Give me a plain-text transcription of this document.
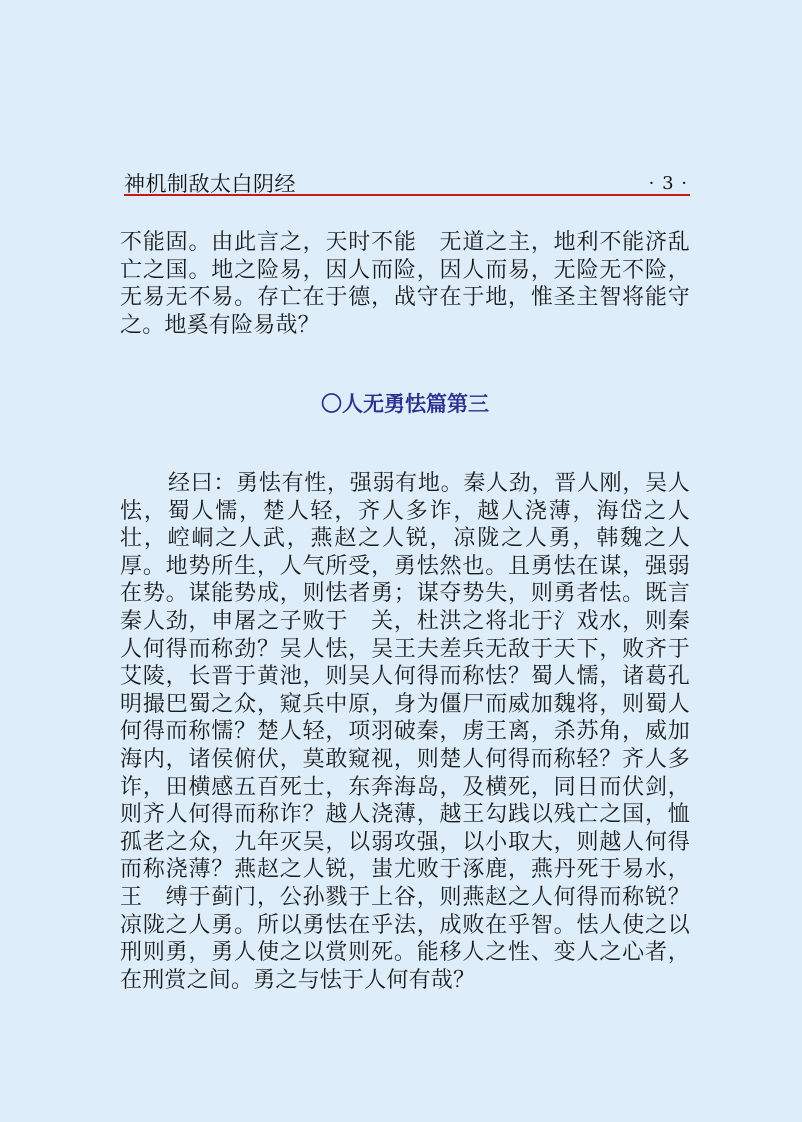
神机制敌太白阴经	· 3 ·

不能固。由此言之，天时不能　无道之主，地利不能济乱亡之国。地之险易，因人而险，因人而易，无险无不险，无易无不易。存亡在于德，战守在于地，惟圣主智将能守之。地奚有险易哉？

〇人无勇怯篇第三

经曰：勇怯有性，强弱有地。秦人劲，晋人刚，吴人怯，蜀人懦，楚人轻，齐人多诈，越人浇薄，海岱之人壮，崆峒之人武，燕赵之人锐，凉陇之人勇，韩魏之人厚。地势所生，人气所受，勇怯然也。且勇怯在谋，强弱在势。谋能势成，则怯者勇；谋夺势失，则勇者怯。既言秦人劲，申屠之子败于　关，杜洪之将北于氵戏水，则秦人何得而称劲？吴人怯，吴王夫差兵无敌于天下，败齐于艾陵，长晋于黄池，则吴人何得而称怯？蜀人懦，诸葛孔明撮巴蜀之众，窥兵中原，身为僵尸而威加魏将，则蜀人何得而称懦？楚人轻，项羽破秦，虏王离，杀苏角，威加海内，诸侯俯伏，莫敢窥视，则楚人何得而称轻？齐人多诈，田横感五百死士，东奔海岛，及横死，同日而伏剑，则齐人何得而称诈？越人浇薄，越王勾践以残亡之国，恤孤老之众，九年灭吴，以弱攻强，以小取大，则越人何得而称浇薄？燕赵之人锐，蚩尤败于涿鹿，燕丹死于易水，王　缚于蓟门，公孙戮于上谷，则燕赵之人何得而称锐？凉陇之人勇。所以勇怯在乎法，成败在乎智。怯人使之以刑则勇，勇人使之以赏则死。能移人之性、变人之心者，在刑赏之间。勇之与怯于人何有哉？
